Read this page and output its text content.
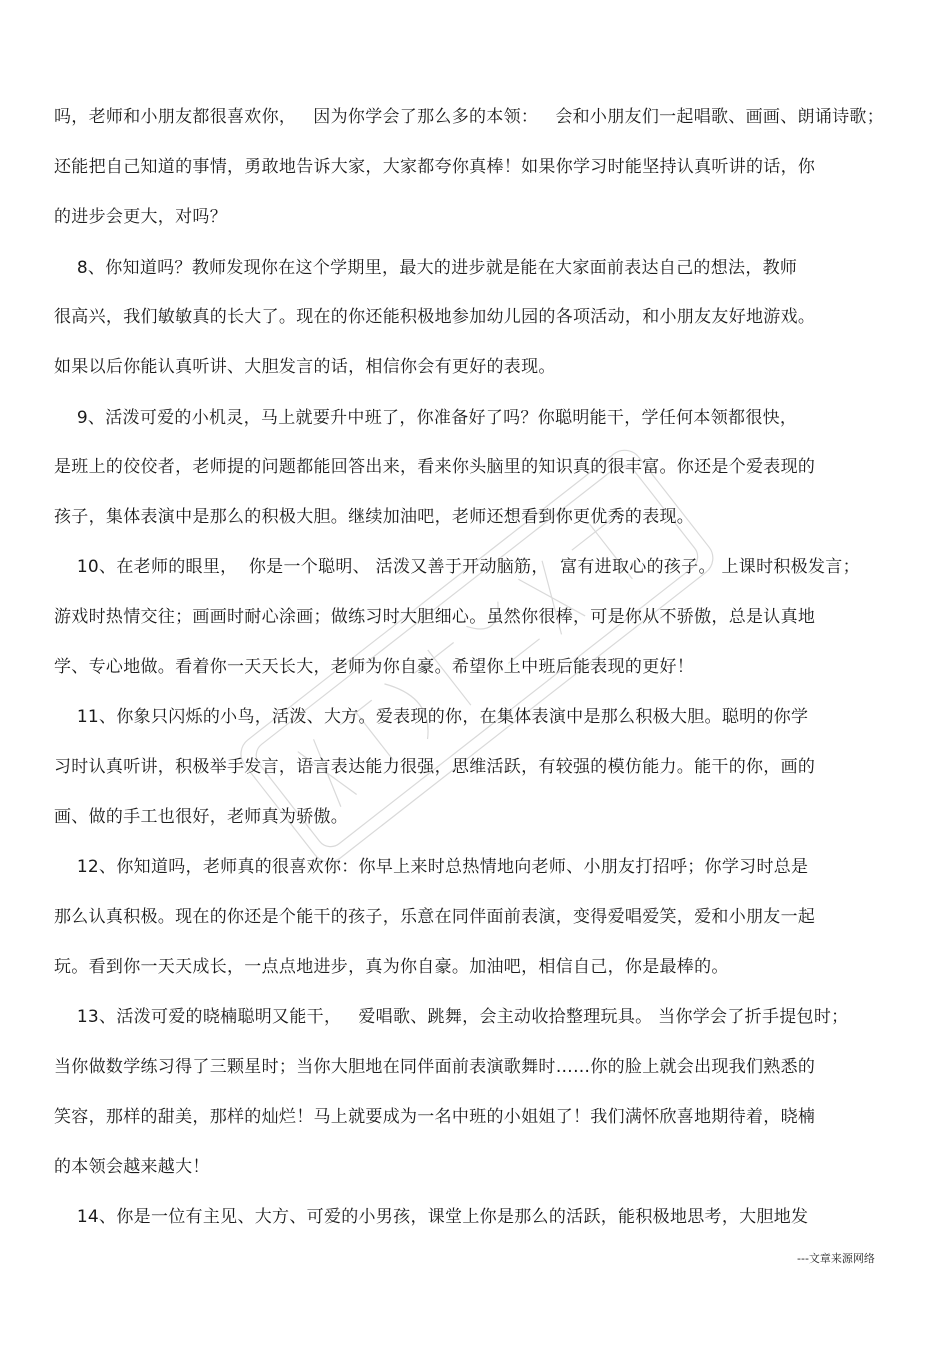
吗，老师和小朋友都很喜欢你，   因为你学会了那么多的本领：   会和小朋友们一起唱歌、画画、朗诵诗歌；
还能把自己知道的事情，勇敢地告诉大家，大家都夸你真棒！如果你学习时能坚持认真听讲的话，你
的进步会更大，对吗？
8、你知道吗？教师发现你在这个学期里，最大的进步就是能在大家面前表达自己的想法，教师
很高兴，我们敏敏真的长大了。现在的你还能积极地参加幼儿园的各项活动，和小朋友友好地游戏。
如果以后你能认真听讲、大胆发言的话，相信你会有更好的表现。
9、活泼可爱的小机灵，马上就要升中班了，你准备好了吗？你聪明能干，学任何本领都很快，
是班上的佼佼者，老师提的问题都能回答出来，看来你头脑里的知识真的很丰富。你还是个爱表现的
孩子，集体表演中是那么的积极大胆。继续加油吧，老师还想看到你更优秀的表现。
10、在老师的眼里，  你是一个聪明、 活泼又善于开动脑筋，  富有进取心的孩子。 上课时积极发言；
游戏时热情交往；画画时耐心涂画；做练习时大胆细心。虽然你很棒，可是你从不骄傲，总是认真地
学、专心地做。看着你一天天长大，老师为你自豪。希望你上中班后能表现的更好！
11、你象只闪烁的小鸟，活泼、大方。爱表现的你，在集体表演中是那么积极大胆。聪明的你学
习时认真听讲，积极举手发言，语言表达能力很强，思维活跃，有较强的模仿能力。能干的你，画的
画、做的手工也很好，老师真为骄傲。
12、你知道吗，老师真的很喜欢你：你早上来时总热情地向老师、小朋友打招呼；你学习时总是
那么认真积极。现在的你还是个能干的孩子，乐意在同伴面前表演，变得爱唱爱笑，爱和小朋友一起
玩。看到你一天天成长，一点点地进步，真为你自豪。加油吧，相信自己，你是最棒的。
13、活泼可爱的晓楠聪明又能干，   爱唱歌、跳舞，会主动收拾整理玩具。 当你学会了折手提包时；
当你做数学练习得了三颗星时；当你大胆地在同伴面前表演歌舞时……你的脸上就会出现我们熟悉的
笑容，那样的甜美，那样的灿烂！马上就要成为一名中班的小姐姐了！我们满怀欣喜地期待着，晓楠
的本领会越来越大！
14、你是一位有主见、大方、可爱的小男孩，课堂上你是那么的活跃，能积极地思考，大胆地发
---文章来源网络
